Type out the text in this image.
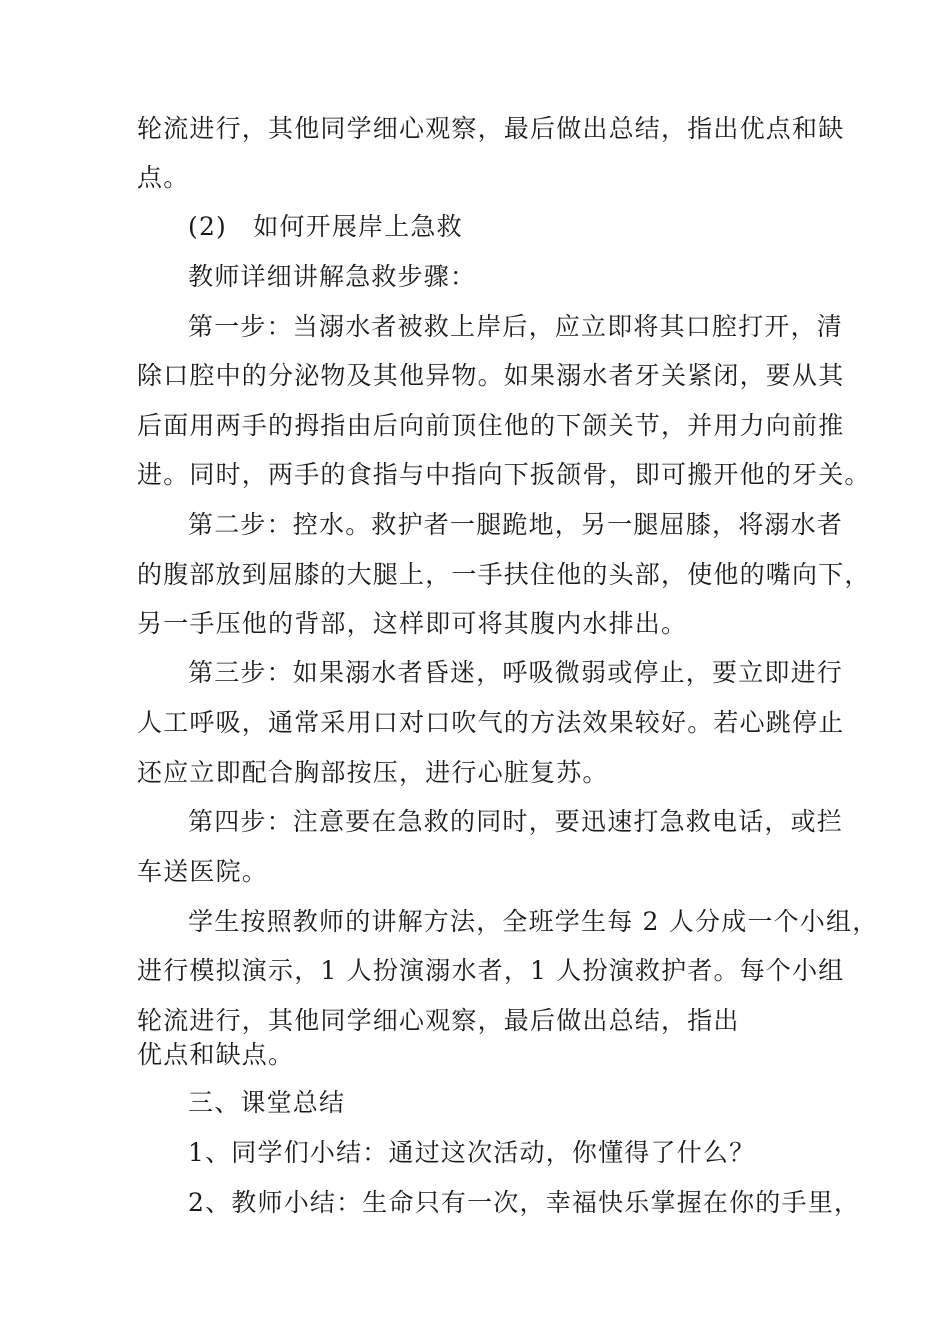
轮流进行，其他同学细心观察，最后做出总结，指出优点和缺
点。
(2)　如何开展岸上急救
教师详细讲解急救步骤：
第一步：当溺水者被救上岸后，应立即将其口腔打开，清
除口腔中的分泌物及其他异物。如果溺水者牙关紧闭，要从其
后面用两手的拇指由后向前顶住他的下颌关节，并用力向前推
进。同时，两手的食指与中指向下扳颌骨，即可搬开他的牙关。
第二步：控水。救护者一腿跪地，另一腿屈膝，将溺水者
的腹部放到屈膝的大腿上，一手扶住他的头部，使他的嘴向下，
另一手压他的背部，这样即可将其腹内水排出。
第三步：如果溺水者昏迷，呼吸微弱或停止，要立即进行
人工呼吸，通常采用口对口吹气的方法效果较好。若心跳停止
还应立即配合胸部按压，进行心脏复苏。
第四步：注意要在急救的同时，要迅速打急救电话，或拦
车送医院。
学生按照教师的讲解方法，全班学生每 2 人分成一个小组，
进行模拟演示，1 人扮演溺水者，1 人扮演救护者。每个小组
轮流进行，其他同学细心观察，最后做出总结，指出
优点和缺点。
三、课堂总结
1、同学们小结：通过这次活动，你懂得了什么？
2、教师小结：生命只有一次，幸福快乐掌握在你的手里，
